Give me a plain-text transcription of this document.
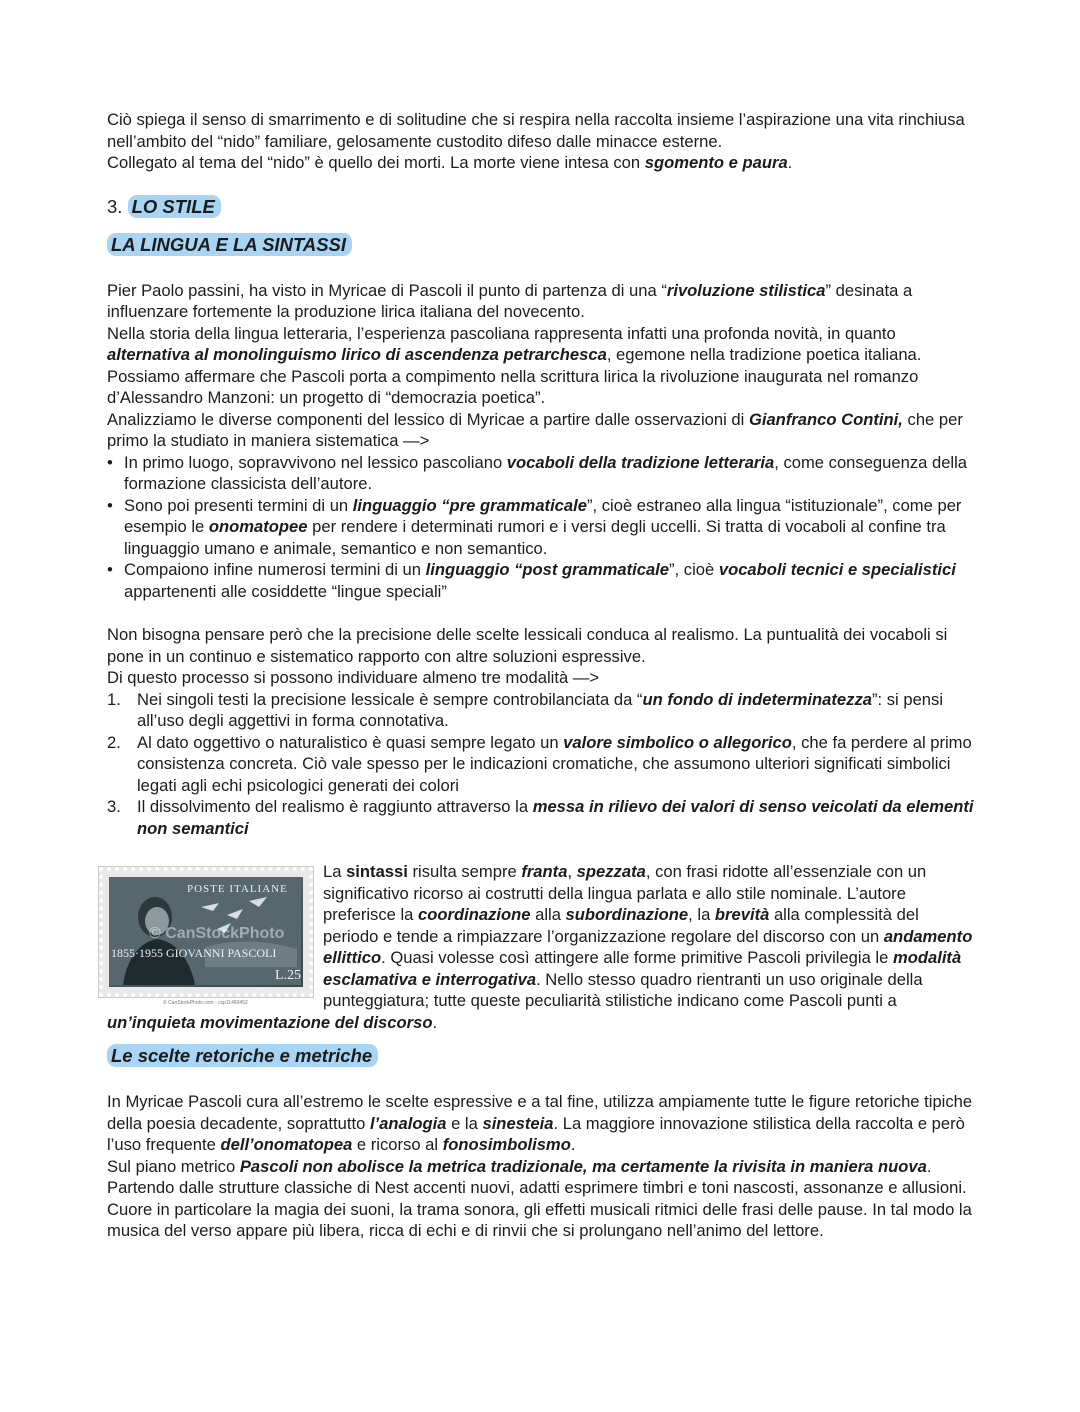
Ciò spiega il senso di smarrimento e di solitudine che si respira nella raccolta insieme l’aspirazione una vita rinchiusa nell’ambito del “nido” familiare, gelosamente custodito difeso dalle minacce esterne.
Collegato al tema del “nido” è quello dei morti. La morte viene intesa con sgomento e paura.

3. LO STILE
LA LINGUA E LA SINTASSI

Pier Paolo passini, ha visto in Myricae di Pascoli il punto di partenza di una “rivoluzione stilistica” desinata a influenzare fortemente la produzione lirica italiana del novecento.
Nella storia della lingua letteraria, l’esperienza pascoliana rappresenta infatti una profonda novità, in quanto alternativa al monolinguismo lirico di ascendenza petrarchesca, egemone nella tradizione poetica italiana. Possiamo affermare che Pascoli porta a compimento nella scrittura lirica la rivoluzione inaugurata nel romanzo d’Alessandro Manzoni: un progetto di “democrazia poetica”.
Analizziamo le diverse componenti del lessico di Myricae a partire dalle osservazioni di Gianfranco Contini, che per primo la studiato in maniera sistematica —>

• In primo luogo, sopravvivono nel lessico pascoliano vocaboli della tradizione letteraria, come conseguenza della formazione classicista dell’autore.
• Sono poi presenti termini di un linguaggio “pre grammaticale”, cioè estraneo alla lingua “istituzionale”, come per esempio le onomatopee per rendere i determinati rumori e i versi degli uccelli. Si tratta di vocaboli al confine tra linguaggio umano e animale, semantico e non semantico.
• Compaiono infine numerosi termini di un linguaggio “post grammaticale”, cioè vocaboli tecnici e specialistici appartenenti alle cosiddette “lingue speciali”

Non bisogna pensare però che la precisione delle scelte lessicali conduca al realismo. La puntualità dei vocaboli si pone in un continuo e sistematico rapporto con altre soluzioni espressive.
Di questo processo si possono individuare almeno tre modalità —>

1. Nei singoli testi la precisione lessicale è sempre controbilanciata da “un fondo di indeterminatezza”: si pensi all’uso degli aggettivi in forma connotativa.
2. Al dato oggettivo o naturalistico è quasi sempre legato un valore simbolico o allegorico, che fa perdere al primo consistenza concreta. Ciò vale spesso per le indicazioni cromatiche, che assumono ulteriori significati simbolici legati agli echi psicologici generati dei colori
3. Il dissolvimento del realismo è raggiunto attraverso la messa in rilievo dei valori di senso veicolati da elementi non semantici
POSTE ITALIANE
© CanStockPhoto
1855·1955 GIOVANNI PASCOLI
L.25
© CanStockPhoto.com - csp11460452

La sintassi risulta sempre franta, spezzata, con frasi ridotte all’essenziale con un significativo ricorso ai costrutti della lingua parlata e allo stile nominale. L’autore preferisce la coordinazione alla subordinazione, la brevità alla complessità del periodo e tende a rimpiazzare l’organizzazione regolare del discorso con un andamento ellittico. Quasi volesse così attingere alle forme primitive Pascoli privilegia le modalità esclamativa e interrogativa. Nello stesso quadro rientranti un uso originale della punteggiatura; tutte queste peculiarità stilistiche indicano come Pascoli punti a un’inquieta movimentazione del discorso.

Le scelte retoriche e metriche

In Myricae Pascoli cura all’estremo le scelte espressive e a tal fine, utilizza ampiamente tutte le figure retoriche tipiche della poesia decadente, soprattutto l’analogia e la sinesteia. La maggiore innovazione stilistica della raccolta e però l’uso frequente dell’onomatopea e ricorso al fonosimbolismo.
Sul piano metrico Pascoli non abolisce la metrica tradizionale, ma certamente la rivisita in maniera nuova. Partendo dalle strutture classiche di Nest accenti nuovi, adatti esprimere timbri e toni nascosti, assonanze e allusioni. Cuore in particolare la magia dei suoni, la trama sonora, gli effetti musicali ritmici delle frasi delle pause. In tal modo la musica del verso appare più libera, ricca di echi e di rinvii che si prolungano nell’animo del lettore.
